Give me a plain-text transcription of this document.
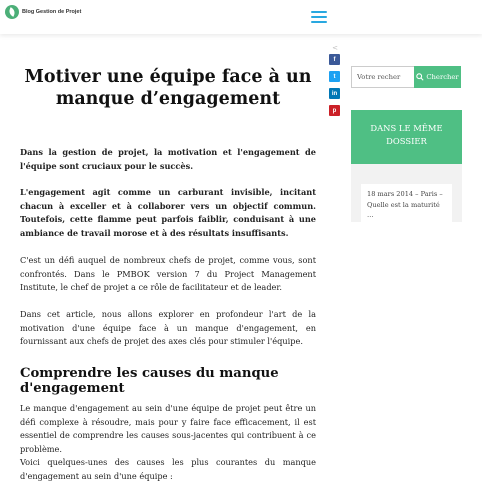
Blog Gestion de Projet
<
f
t
in
p
Motiver une équipe face à un manque d’engagement

Dans la gestion de projet, la motivation et l'engagement de l'équipe sont cruciaux pour le succès.

L'engagement agit comme un carburant invisible, incitant chacun à exceller et à collaborer vers un objectif commun. Toutefois, cette flamme peut parfois faiblir, conduisant à une ambiance de travail morose et à des résultats insuffisants.

C'est un défi auquel de nombreux chefs de projet, comme vous, sont confrontés. Dans le PMBOK version 7 du Project Management Institute, le chef de projet a ce rôle de facilitateur et de leader.

Dans cet article, nous allons explorer en profondeur l'art de la motivation d'une équipe face à un manque d'engagement, en fournissant aux chefs de projet des axes clés pour stimuler l'équipe.

Comprendre les causes du manque d'engagement

Le manque d'engagement au sein d'une équipe de projet peut être un défi complexe à résoudre, mais pour y faire face efficacement, il est essentiel de comprendre les causes sous-jacentes qui contribuent à ce problème.

Voici quelques-unes des causes les plus courantes du manque d'engagement au sein d'une équipe :

Votre recher
Chercher
DANS LE MÊME DOSSIER
18 mars 2014 – Paris – Quelle est la maturité …
